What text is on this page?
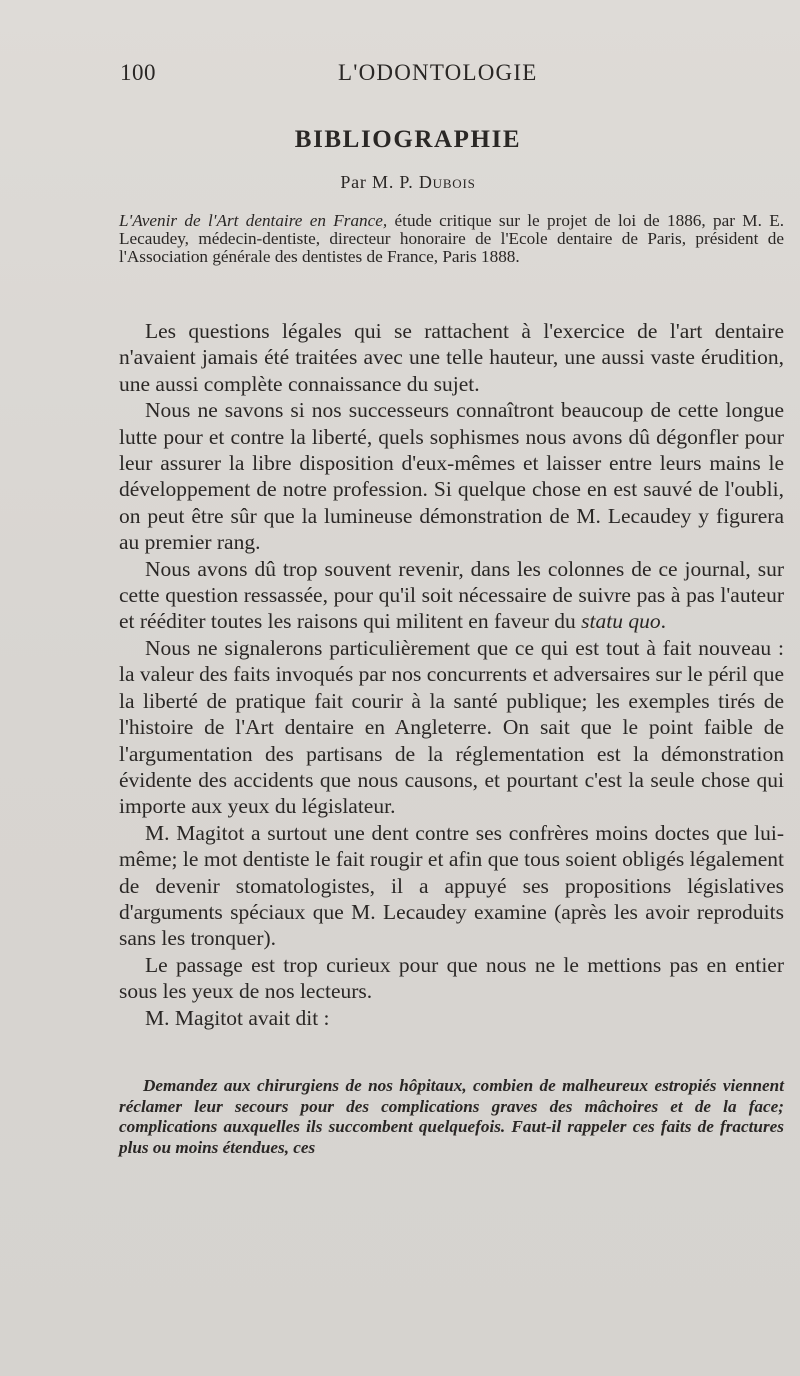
100	L'ODONTOLOGIE
BIBLIOGRAPHIE
Par M. P. Dubois
L'Avenir de l'Art dentaire en France, étude critique sur le projet de loi de 1886, par M. E. Lecaudey, médecin-dentiste, directeur honoraire de l'Ecole dentaire de Paris, président de l'Association générale des dentistes de France, Paris 1888.

Les questions légales qui se rattachent à l'exercice de l'art dentaire n'avaient jamais été traitées avec une telle hauteur, une aussi vaste érudition, une aussi complète connaissance du sujet.

Nous ne savons si nos successeurs connaîtront beaucoup de cette longue lutte pour et contre la liberté, quels sophismes nous avons dû dégonfler pour leur assurer la libre disposition d'eux-mêmes et laisser entre leurs mains le développement de notre profession. Si quelque chose en est sauvé de l'oubli, on peut être sûr que la lumineuse démonstration de M. Lecaudey y figurera au premier rang.

Nous avons dû trop souvent revenir, dans les colonnes de ce journal, sur cette question ressassée, pour qu'il soit nécessaire de suivre pas à pas l'auteur et rééditer toutes les raisons qui militent en faveur du statu quo.

Nous ne signalerons particulièrement que ce qui est tout à fait nouveau : la valeur des faits invoqués par nos concurrents et adversaires sur le péril que la liberté de pratique fait courir à la santé publique; les exemples tirés de l'histoire de l'Art dentaire en Angleterre. On sait que le point faible de l'argumentation des partisans de la réglementation est la démonstration évidente des accidents que nous causons, et pourtant c'est la seule chose qui importe aux yeux du législateur.

M. Magitot a surtout une dent contre ses confrères moins doctes que lui-même; le mot dentiste le fait rougir et afin que tous soient obligés légalement de devenir stomatologistes, il a appuyé ses propositions législatives d'arguments spéciaux que M. Lecaudey examine (après les avoir reproduits sans les tronquer).

Le passage est trop curieux pour que nous ne le mettions pas en entier sous les yeux de nos lecteurs.

M. Magitot avait dit :

Demandez aux chirurgiens de nos hôpitaux, combien de malheureux estropiés viennent réclamer leur secours pour des complications graves des mâchoires et de la face; complications auxquelles ils succombent quelquefois. Faut-il rappeler ces faits de fractures plus ou moins étendues, ces
